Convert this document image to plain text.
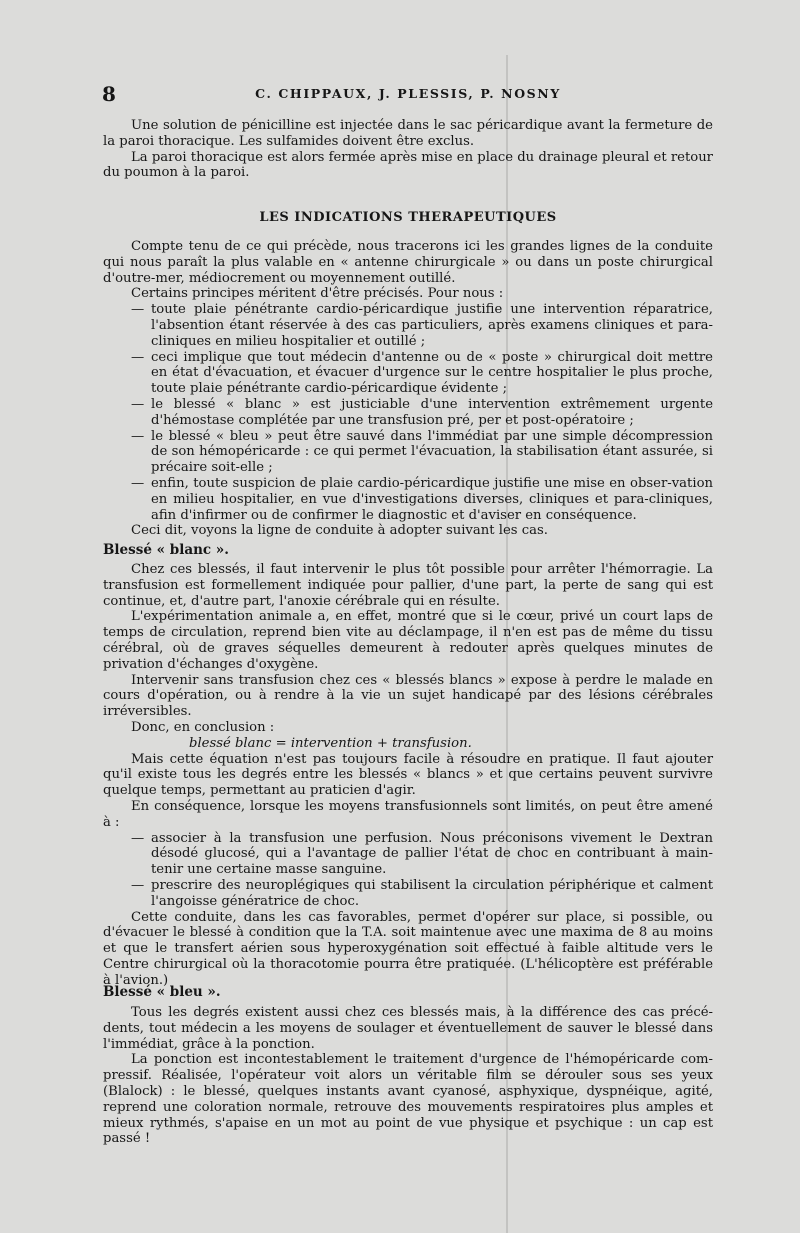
8	C. CHIPPAUX, J. PLESSIS, P. NOSNY

Une solution de pénicilline est injectée dans le sac péricardique avant la fermeture de la paroi thoracique. Les sulfamides doivent être exclus.

La paroi thoracique est alors fermée après mise en place du drainage pleural et retour du poumon à la paroi.

LES INDICATIONS THERAPEUTIQUES

Compte tenu de ce qui précède, nous tracerons ici les grandes lignes de la conduite qui nous paraît la plus valable en « antenne chirurgicale » ou dans un poste chirurgical d'outre-mer, médiocrement ou moyennement outillé.

Certains principes méritent d'être précisés. Pour nous :

— toute plaie pénétrante cardio-péricardique justifie une intervention réparatrice, l'absention étant réservée à des cas particuliers, après examens cliniques et para-cliniques en milieu hospitalier et outillé ;
— ceci implique que tout médecin d'antenne ou de « poste » chirurgical doit mettre en état d'évacuation, et évacuer d'urgence sur le centre hospitalier le plus proche, toute plaie pénétrante cardio-péricardique évidente ;
— le blessé « blanc » est justiciable d'une intervention extrêmement urgente d'hémostase complétée par une transfusion pré, per et post-opératoire ;
— le blessé « bleu » peut être sauvé dans l'immédiat par une simple décompression de son hémopéricarde : ce qui permet l'évacuation, la stabilisation étant assurée, si précaire soit-elle ;
— enfin, toute suspicion de plaie cardio-péricardique justifie une mise en obser-vation en milieu hospitalier, en vue d'investigations diverses, cliniques et para-cliniques, afin d'infirmer ou de confirmer le diagnostic et d'aviser en conséquence.

Ceci dit, voyons la ligne de conduite à adopter suivant les cas.

Blessé « blanc ».

Chez ces blessés, il faut intervenir le plus tôt possible pour arrêter l'hémorragie. La transfusion est formellement indiquée pour pallier, d'une part, la perte de sang qui est continue, et, d'autre part, l'anoxie cérébrale qui en résulte.

L'expérimentation animale a, en effet, montré que si le cœur, privé un court laps de temps de circulation, reprend bien vite au déclampage, il n'en est pas de même du tissu cérébral, où de graves séquelles demeurent à redouter après quelques minutes de privation d'échanges d'oxygène.

Intervenir sans transfusion chez ces « blessés blancs » expose à perdre le malade en cours d'opération, ou à rendre à la vie un sujet handicapé par des lésions cérébrales irréversibles.

Donc, en conclusion :

blessé blanc = intervention + transfusion.

Mais cette équation n'est pas toujours facile à résoudre en pratique. Il faut ajouter qu'il existe tous les degrés entre les blessés « blancs » et que certains peuvent survivre quelque temps, permettant au praticien d'agir.

En conséquence, lorsque les moyens transfusionnels sont limités, on peut être amené à :

— associer à la transfusion une perfusion. Nous préconisons vivement le Dextran désodé glucosé, qui a l'avantage de pallier l'état de choc en contribuant à main-tenir une certaine masse sanguine.
— prescrire des neuroplégiques qui stabilisent la circulation périphérique et calment l'angoisse génératrice de choc.

Cette conduite, dans les cas favorables, permet d'opérer sur place, si possible, ou d'évacuer le blessé à condition que la T.A. soit maintenue avec une maxima de 8 au moins et que le transfert aérien sous hyperoxygénation soit effectué à faible altitude vers le Centre chirurgical où la thoracotomie pourra être pratiquée. (L'hélicoptère est préférable à l'avion.)

Blessé « bleu ».

Tous les degrés existent aussi chez ces blessés mais, à la différence des cas précé-dents, tout médecin a les moyens de soulager et éventuellement de sauver le blessé dans l'immédiat, grâce à la ponction.

La ponction est incontestablement le traitement d'urgence de l'hémopéricarde com-pressif. Réalisée, l'opérateur voit alors un véritable film se dérouler sous ses yeux (Blalock) : le blessé, quelques instants avant cyanosé, asphyxique, dyspnéique, agité, reprend une coloration normale, retrouve des mouvements respiratoires plus amples et mieux rythmés, s'apaise en un mot au point de vue physique et psychique : un cap est passé !
